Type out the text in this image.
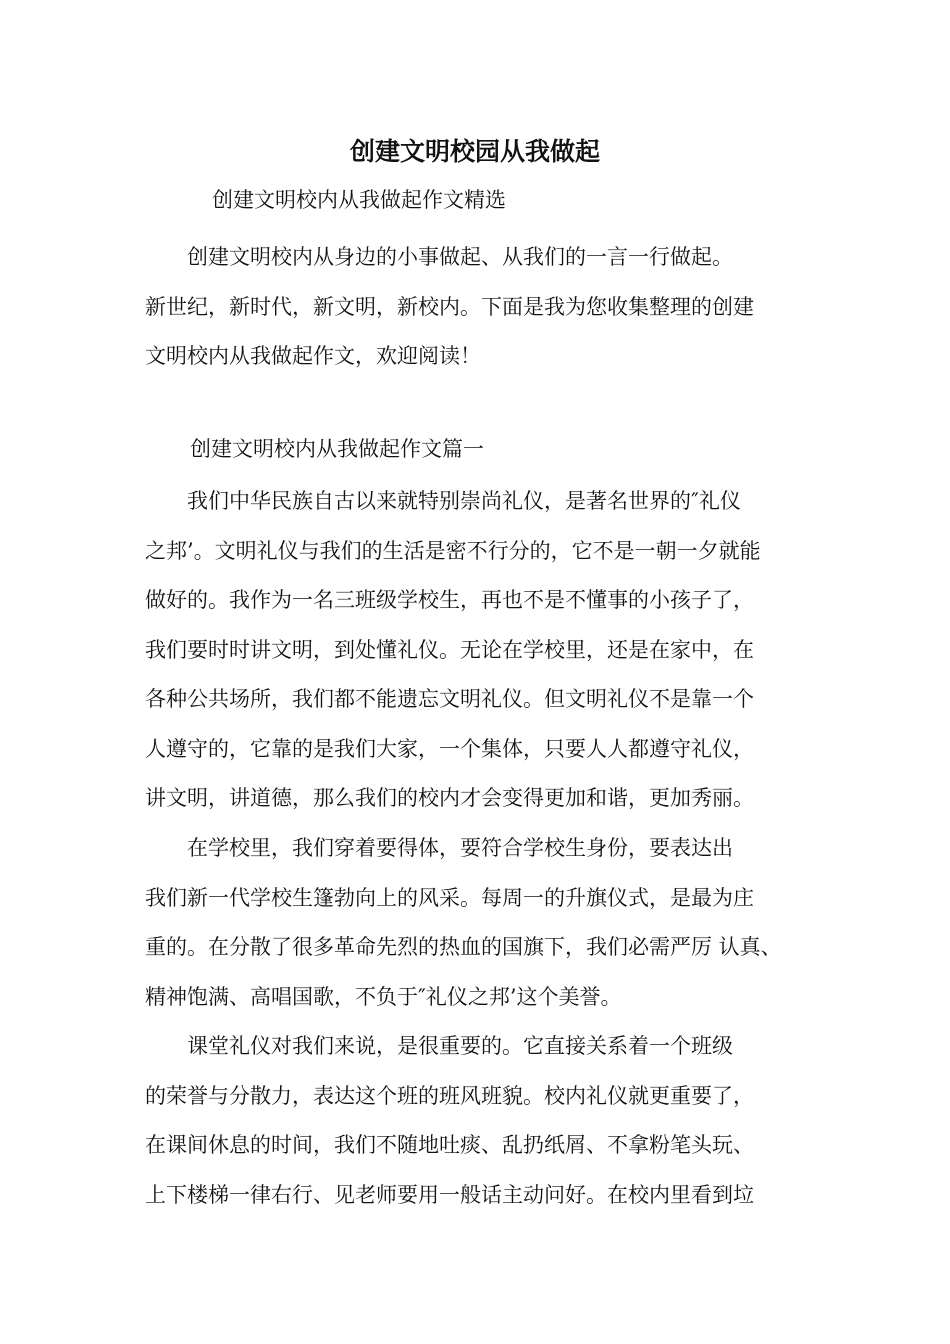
创建文明校园从我做起
创建文明校内从我做起作文精选
　　创建文明校内从身边的小事做起、从我们的一言一行做起。
新世纪，新时代，新文明，新校内。下面是我为您收集整理的创建
文明校内从我做起作文，欢迎阅读！
创建文明校内从我做起作文篇一
　　我们中华民族自古以来就特别崇尚礼仪，是著名世界的″礼仪
之邦’。文明礼仪与我们的生活是密不行分的，它不是一朝一夕就能
做好的。我作为一名三班级学校生，再也不是不懂事的小孩子了，
我们要时时讲文明，到处懂礼仪。无论在学校里，还是在家中，在
各种公共场所，我们都不能遗忘文明礼仪。但文明礼仪不是靠一个
人遵守的，它靠的是我们大家，一个集体，只要人人都遵守礼仪，
讲文明，讲道德，那么我们的校内才会变得更加和谐，更加秀丽。
　　在学校里，我们穿着要得体，要符合学校生身份，要表达出
我们新一代学校生篷勃向上的风采。每周一的升旗仪式，是最为庄
重的。在分散了很多革命先烈的热血的国旗下，我们必需严厉 认真、
精神饱满、高唱国歌，不负于″礼仪之邦’这个美誉。
　　课堂礼仪对我们来说，是很重要的。它直接关系着一个班级
的荣誉与分散力，表达这个班的班风班貌。校内礼仪就更重要了，
在课间休息的时间，我们不随地吐痰、乱扔纸屑、不拿粉笔头玩、
上下楼梯一律右行、见老师要用一般话主动问好。在校内里看到垃
